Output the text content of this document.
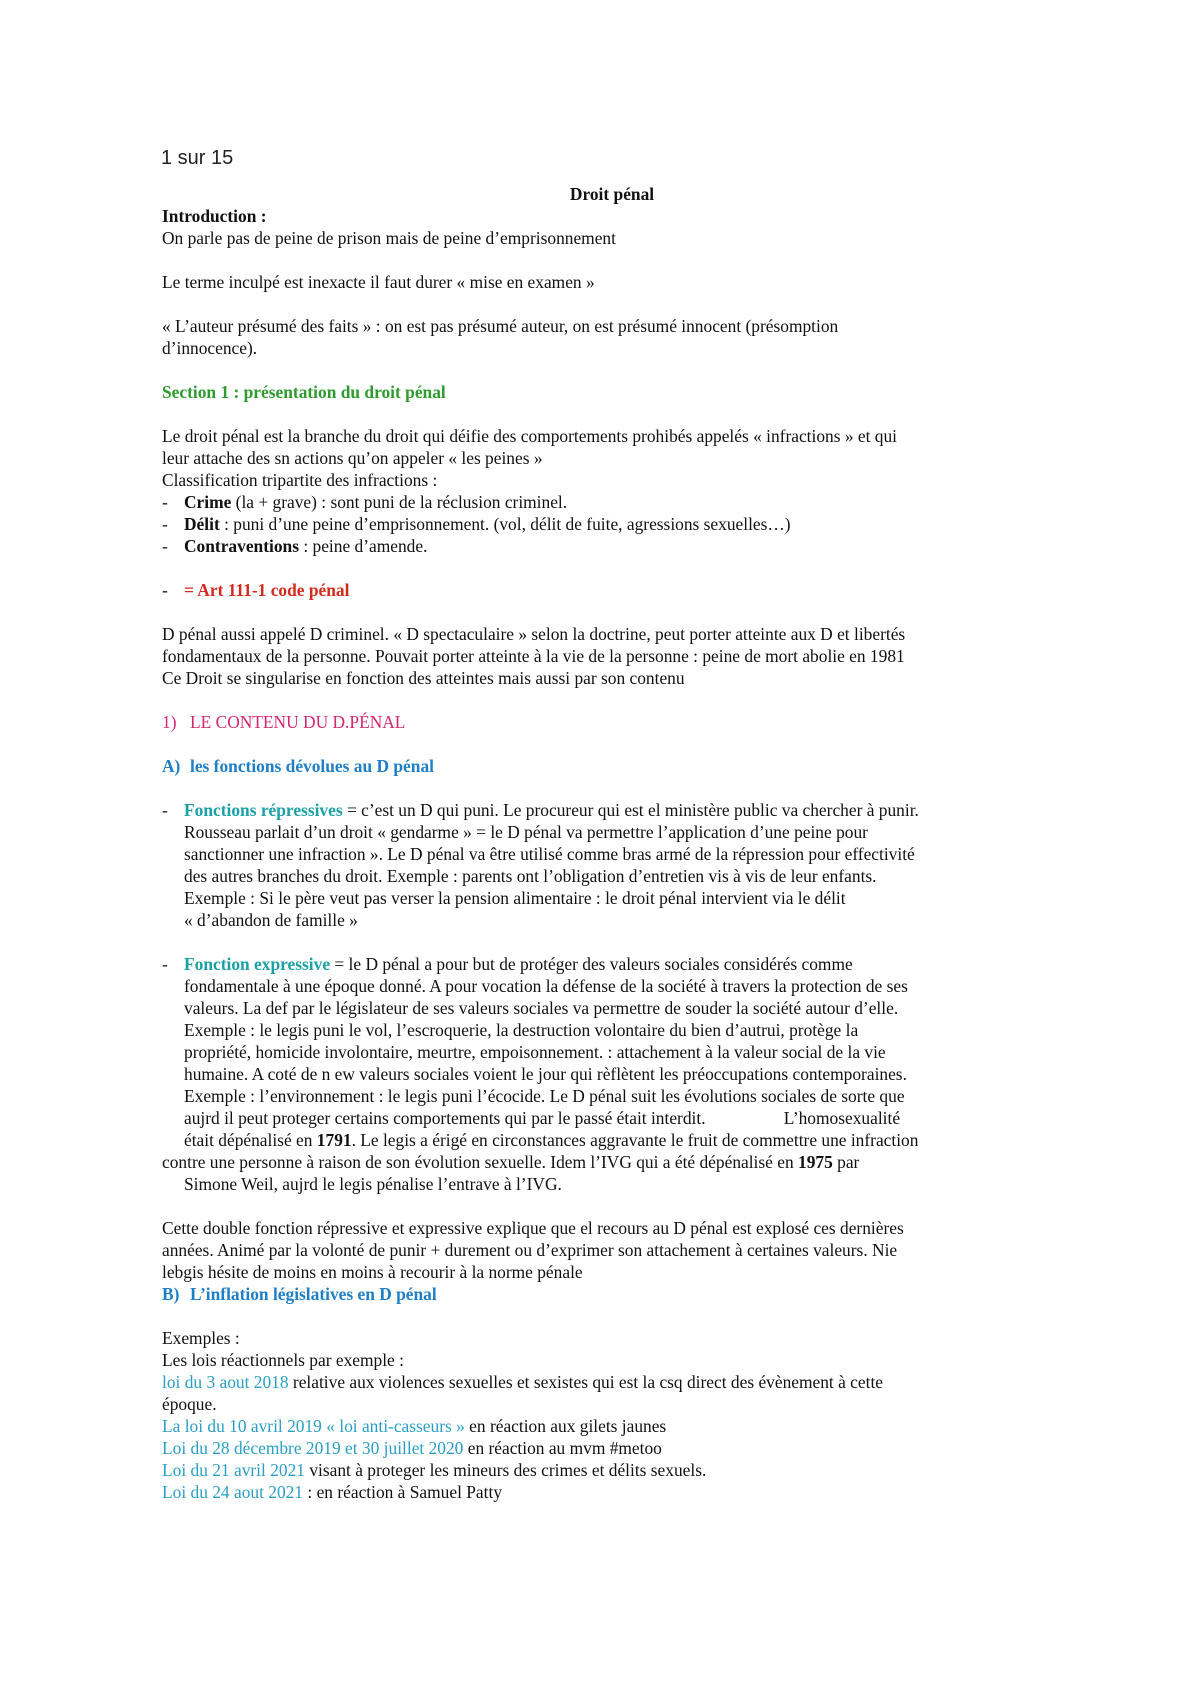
1 sur 15

Droit pénal

Introduction :

On parle pas de peine de prison mais de peine d’emprisonnement

Le terme inculpé est inexacte il faut durer « mise en examen »

« L’auteur présumé des faits » : on est pas présumé auteur, on est présumé innocent (présomption

d’innocence).

Section 1 : présentation du droit pénal

Le droit pénal est la branche du droit qui déifie des comportements prohibés appelés « infractions » et qui

leur attache des sn actions qu’on appeler « les peines »

Classification tripartite des infractions :

- Crime (la + grave) : sont puni de la réclusion criminel.

- Délit : puni d’une peine d’emprisonnement. (vol, délit de fuite, agressions sexuelles…)

- Contraventions : peine d’amende.

- = Art 111-1 code pénal

D pénal aussi appelé D criminel. « D spectaculaire » selon la doctrine, peut porter atteinte aux D et libertés

fondamentaux de la personne. Pouvait porter atteinte à la vie de la personne : peine de mort abolie en 1981

Ce Droit se singularise en fonction des atteintes mais aussi par son contenu

1) LE CONTENU DU D.PÉNAL

A) les fonctions dévolues au D pénal

- Fonctions répressives = c’est un D qui puni. Le procureur qui est el ministère public va chercher à punir.

Rousseau parlait d’un droit « gendarme » = le D pénal va permettre l’application d’une peine pour

sanctionner une infraction ». Le D pénal va être utilisé comme bras armé de la répression pour effectivité

des autres branches du droit. Exemple : parents ont l’obligation d’entretien vis à vis de leur enfants.

Exemple : Si le père veut pas verser la pension alimentaire : le droit pénal intervient via le délit

« d’abandon de famille »

- Fonction expressive = le D pénal a pour but de protéger des valeurs sociales considérés comme

fondamentale à une époque donné. A pour vocation la défense de la société à travers la protection de ses

valeurs. La def par le législateur de ses valeurs sociales va permettre de souder la société autour d’elle.

Exemple : le legis puni le vol, l’escroquerie, la destruction volontaire du bien d’autrui, protège la

propriété, homicide involontaire, meurtre, empoisonnement. : attachement à la valeur social de la vie

humaine. A coté de n ew valeurs sociales voient le jour qui rèflètent les préoccupations contemporaines.

Exemple : l’environnement : le legis puni l’écocide. Le D pénal suit les évolutions sociales de sorte que

aujrd il peut proteger certains comportements qui par le passé était interdit.                  L’homosexualité

était dépénalisé en 1791. Le legis a érigé en circonstances aggravante le fruit de commettre une infraction

contre une personne à raison de son évolution sexuelle. Idem l’IVG qui a été dépénalisé en 1975 par

Simone Weil, aujrd le legis pénalise l’entrave à l’IVG.

Cette double fonction répressive et expressive explique que el recours au D pénal est explosé ces dernières

années. Animé par la volonté de punir + durement ou d’exprimer son attachement à certaines valeurs. Nie

lebgis hésite de moins en moins à recourir à la norme pénale

B) L’inflation législatives en D pénal

Exemples :

Les lois réactionnels par exemple :

loi du 3 aout 2018 relative aux violences sexuelles et sexistes qui est la csq direct des évènement à cette

époque.

La loi du 10 avril 2019 « loi anti-casseurs » en réaction aux gilets jaunes

Loi du 28 décembre 2019 et 30 juillet 2020 en réaction au mvm #metoo

Loi du 21 avril 2021 visant à proteger les mineurs des crimes et délits sexuels.

Loi du 24 aout 2021 : en réaction à Samuel Patty
